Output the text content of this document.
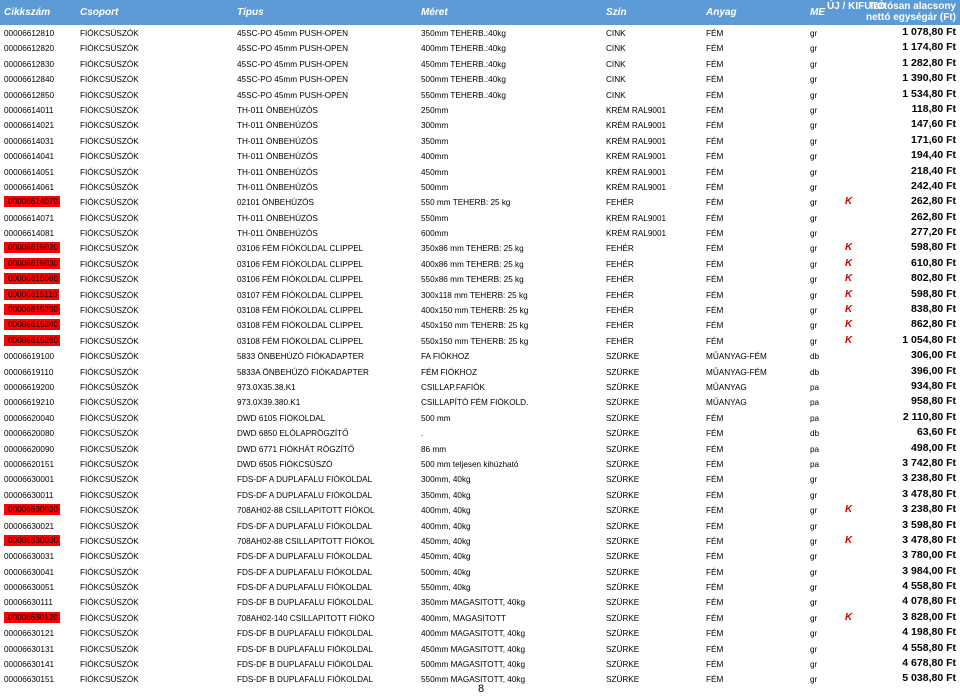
Cikkszám	Csoport	Típus	Méret	Szín	Anyag	ME
ÚJ / KIFUTÓ
Tartósan alacsony nettó egységár (Ft)
00006612810	FIÓKCSÚSZÓK	45SC-PO 45mm PUSH-OPEN	350mm TEHERB.:40kg	CINK	FÉM	gr	1 078,80 Ft
00006612820	FIÓKCSÚSZÓK	45SC-PO 45mm PUSH-OPEN	400mm TEHERB.:40kg	CINK	FÉM	gr	1 174,80 Ft
00006612830	FIÓKCSÚSZÓK	45SC-PO 45mm PUSH-OPEN	450mm TEHERB.:40kg	CINK	FÉM	gr	1 282,80 Ft
00006612840	FIÓKCSÚSZÓK	45SC-PO 45mm PUSH-OPEN	500mm TEHERB.:40kg	CINK	FÉM	gr	1 390,80 Ft
00006612850	FIÓKCSÚSZÓK	45SC-PO 45mm PUSH-OPEN	550mm TEHERB.:40kg	CINK	FÉM	gr	1 534,80 Ft
00006614011	FIÓKCSÚSZÓK	TH-011 ÖNBEHÚZÓS	250mm	KRÉM RAL9001	FÉM	gr	118,80 Ft
00006614021	FIÓKCSÚSZÓK	TH-011 ÖNBEHÚZÓS	300mm	KRÉM RAL9001	FÉM	gr	147,60 Ft
00006614031	FIÓKCSÚSZÓK	TH-011 ÖNBEHÚZÓS	350mm	KRÉM RAL9001	FÉM	gr	171,60 Ft
00006614041	FIÓKCSÚSZÓK	TH-011 ÖNBEHÚZÓS	400mm	KRÉM RAL9001	FÉM	gr	194,40 Ft
00006614051	FIÓKCSÚSZÓK	TH-011 ÖNBEHÚZÓS	450mm	KRÉM RAL9001	FÉM	gr	218,40 Ft
00006614061	FIÓKCSÚSZÓK	TH-011 ÖNBEHÚZÓS	500mm	KRÉM RAL9001	FÉM	gr	242,40 Ft
00006614070	FIÓKCSÚSZÓK	02101 ÖNBEHÚZÓS	550 mm TEHERB: 25 kg	FEHÉR	FÉM	gr	K	262,80 Ft
00006614071	FIÓKCSÚSZÓK	TH-011 ÖNBEHÚZÓS	550mm	KRÉM RAL9001	FÉM	gr	262,80 Ft
00006614081	FIÓKCSÚSZÓK	TH-011 ÖNBEHÚZÓS	600mm	KRÉM RAL9001	FÉM	gr	277,20 Ft
00006615020	FIÓKCSÚSZÓK	03106 FÉM FIÓKOLDAL CLIPPEL	350x86 mm TEHERB: 25 kg	FEHÉR	FÉM	gr	K	598,80 Ft
00006615030	FIÓKCSÚSZÓK	03106 FÉM FIÓKOLDAL CLIPPEL	400x86 mm TEHERB: 25 kg	FEHÉR	FÉM	gr	K	610,80 Ft
00006615080	FIÓKCSÚSZÓK	03106 FÉM FIÓKOLDAL CLIPPEL	550x86 mm TEHERB: 25 kg	FEHÉR	FÉM	gr	K	802,80 Ft
00006615110	FIÓKCSÚSZÓK	03107 FÉM FIÓKOLDAL CLIPPEL	300x118 mm TEHERB: 25 kg	FEHÉR	FÉM	gr	K	598,80 Ft
00006615230	FIÓKCSÚSZÓK	03108 FÉM FIÓKOLDAL CLIPPEL	400x150 mm TEHERB: 25 kg	FEHÉR	FÉM	gr	K	838,80 Ft
00006615240	FIÓKCSÚSZÓK	03108 FÉM FIÓKOLDAL CLIPPEL	450x150 mm TEHERB: 25 kg	FEHÉR	FÉM	gr	K	862,80 Ft
00006615260	FIÓKCSÚSZÓK	03108 FÉM FIÓKOLDAL CLIPPEL	550x150 mm TEHERB: 25 kg	FEHÉR	FÉM	gr	K	1 054,80 Ft
00006619100	FIÓKCSÚSZÓK	5833 ÖNBEHÚZÓ FIÓKADAPTER	FA FIÓKHOZ	SZÜRKE	MŰANYAG-FÉM	db	306,00 Ft
00006619110	FIÓKCSÚSZÓK	5833A ÖNBEHÚZÓ FIÓKADAPTER	FÉM FIÓKHOZ	SZÜRKE	MŰANYAG-FÉM	db	396,00 Ft
00006619200	FIÓKCSÚSZÓK	973.0X35.38.K1	CSILLAP.FAFIÓK	SZÜRKE	MŰANYAG	pa	934,80 Ft
00006619210	FIÓKCSÚSZÓK	973.0X39.380.K1	CSILLAPÍTÓ FÉM FIÓKOLD.	SZÜRKE	MŰANYAG	pa	958,80 Ft
00006620040	FIÓKCSÚSZÓK	DWD 6105 FIÓKOLDAL	500 mm	SZÜRKE	FÉM	pa	2 110,80 Ft
00006620080	FIÓKCSÚSZÓK	DWD 6850 ELÓLAPRÖGZÍTŐ	.	SZÜRKE	FÉM	db	63,60 Ft
00006620090	FIÓKCSÚSZÓK	DWD 6771 FIÓKHÁT RÖGZÍTŐ	86 mm	SZÜRKE	FÉM	pa	498,00 Ft
00006620151	FIÓKCSÚSZÓK	DWD 6505 FIÓKCSÚSZÓ	500 mm teljesen kihúzható	SZÜRKE	FÉM	pa	3 742,80 Ft
00006630001	FIÓKCSÚSZÓK	FDS-DF A DUPLAFALU FIÓKOLDAL	300mm, 40kg	SZÜRKE	FÉM	gr	3 238,80 Ft
00006630011	FIÓKCSÚSZÓK	FDS-DF A DUPLAFALU FIÓKOLDAL	350mm, 40kg	SZÜRKE	FÉM	gr	3 478,80 Ft
00006630020	FIÓKCSÚSZÓK	708AH02-88 CSILLAPITOTT FIÓKOL	400mm, 40kg	SZÜRKE	FÉM	gr	K	3 238,80 Ft
00006630021	FIÓKCSÚSZÓK	FDS-DF A DUPLAFALU FIÓKOLDAL	400mm, 40kg	SZÜRKE	FÉM	gr	3 598,80 Ft
00006630030	FIÓKCSÚSZÓK	708AH02-88 CSILLAPITOTT FIÓKOL	450mm, 40kg	SZÜRKE	FÉM	gr	K	3 478,80 Ft
00006630031	FIÓKCSÚSZÓK	FDS-DF A DUPLAFALU FIÓKOLDAL	450mm, 40kg	SZÜRKE	FÉM	gr	3 780,00 Ft
00006630041	FIÓKCSÚSZÓK	FDS-DF A DUPLAFALU FIÓKOLDAL	500mm, 40kg	SZÜRKE	FÉM	gr	3 984,00 Ft
00006630051	FIÓKCSÚSZÓK	FDS-DF A DUPLAFALU FIÓKOLDAL	550mm, 40kg	SZÜRKE	FÉM	gr	4 558,80 Ft
00006630111	FIÓKCSÚSZÓK	FDS-DF B DUPLAFALU FIÓKOLDAL	350mm MAGASITOTT, 40kg	SZÜRKE	FÉM	gr	4 078,80 Ft
00006630120	FIÓKCSÚSZÓK	708AH02-140 CSILLAPITOTT FIÓKO	400mm, MAGASITOTT	SZÜRKE	FÉM	gr	K	3 828,00 Ft
00006630121	FIÓKCSÚSZÓK	FDS-DF B DUPLAFALU FIÓKOLDAL	400mm MAGASITOTT, 40kg	SZÜRKE	FÉM	gr	4 198,80 Ft
00006630131	FIÓKCSÚSZÓK	FDS-DF B DUPLAFALU FIÓKOLDAL	450mm MAGASITOTT, 40kg	SZÜRKE	FÉM	gr	4 558,80 Ft
00006630141	FIÓKCSÚSZÓK	FDS-DF B DUPLAFALU FIÓKOLDAL	500mm MAGASITOTT, 40kg	SZÜRKE	FÉM	gr	4 678,80 Ft
00006630151	FIÓKCSÚSZÓK	FDS-DF B DUPLAFALU FIÓKOLDAL	550mm MAGASITOTT, 40kg	SZÜRKE	FÉM	gr	5 038,80 Ft
8
